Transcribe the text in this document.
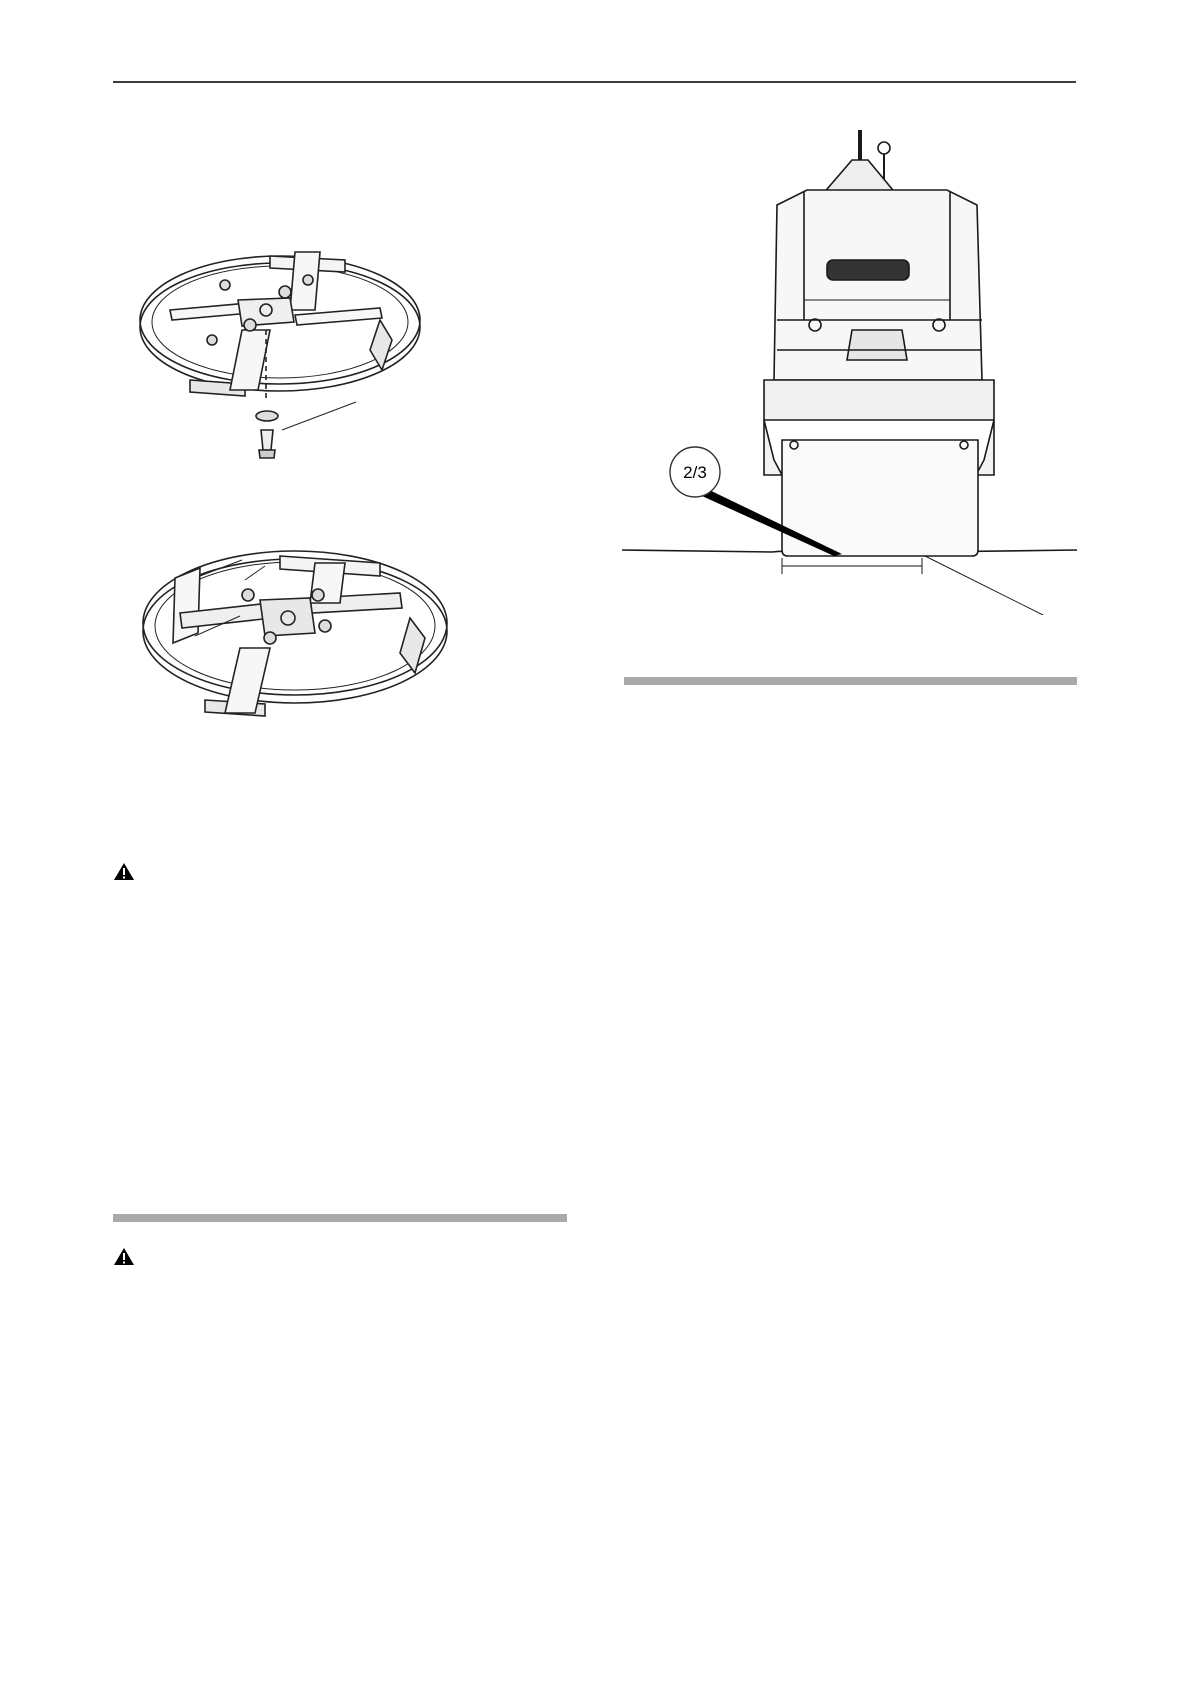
2/3
